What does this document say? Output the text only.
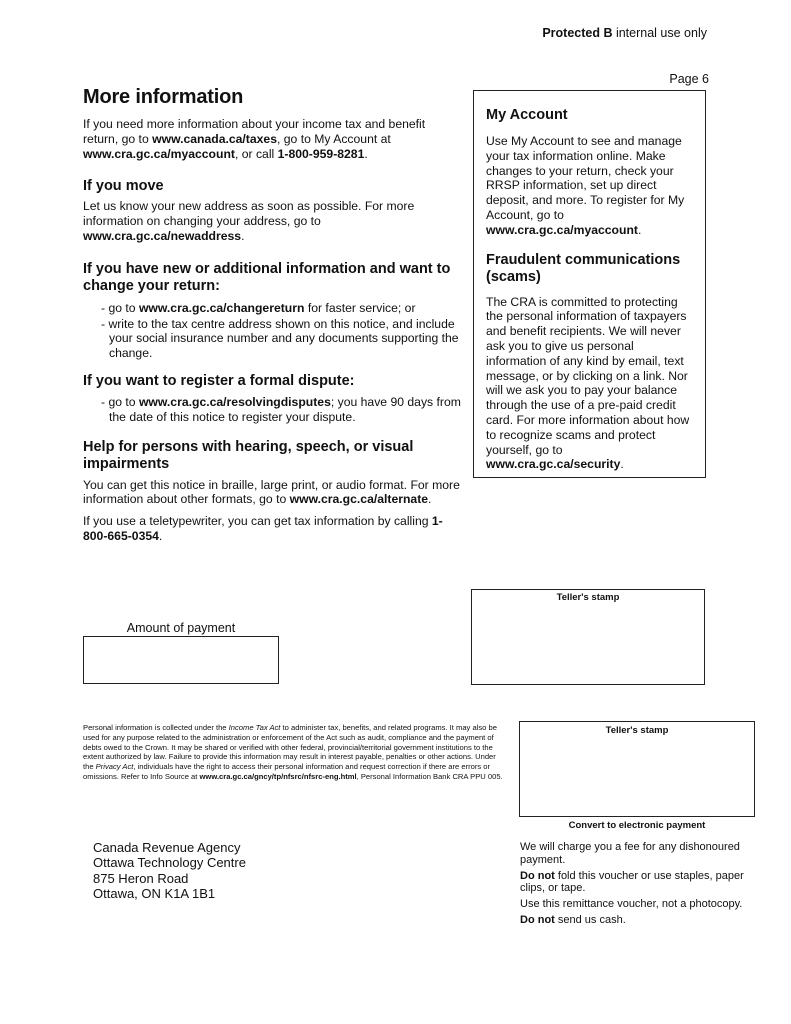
Protected B internal use only
Page 6
More information

If you need more information about your income tax and benefit return, go to www.canada.ca/taxes, go to My Account at www.cra.gc.ca/myaccount, or call 1-800-959-8281.

If you move

Let us know your new address as soon as possible. For more information on changing your address, go to www.cra.gc.ca/newaddress.

If you have new or additional information and want to change your return:

- go to www.cra.gc.ca/changereturn for faster service; or

- write to the tax centre address shown on this notice, and include your social insurance number and any documents supporting the change.

If you want to register a formal dispute:

- go to www.cra.gc.ca/resolvingdisputes; you have 90 days from the date of this notice to register your dispute.

Help for persons with hearing, speech, or visual impairments

You can get this notice in braille, large print, or audio format. For more information about other formats, go to www.cra.gc.ca/alternate.

If you use a teletypewriter, you can get tax information by calling 1-800-665-0354.

My Account

Use My Account to see and manage your tax information online. Make changes to your return, check your RRSP information, set up direct deposit, and more. To register for My Account, go to www.cra.gc.ca/myaccount.

Fraudulent communications (scams)

The CRA is committed to protecting the personal information of taxpayers and benefit recipients. We will never ask you to give us personal information of any kind by email, text message, or by clicking on a link. Nor will we ask you to pay your balance through the use of a pre-paid credit card. For more information about how to recognize scams and protect yourself, go to www.cra.gc.ca/security.

Teller's stamp
Amount of payment
Personal information is collected under the Income Tax Act to administer tax, benefits, and related programs. It may also be used for any purpose related to the administration or enforcement of the Act such as audit, compliance and the payment of debts owed to the Crown. It may be shared or verified with other federal, provincial/territorial government institutions to the extent authorized by law. Failure to provide this information may result in interest payable, penalties or other actions. Under the Privacy Act, individuals have the right to access their personal information and request correction if there are errors or omissions. Refer to Info Source at www.cra.gc.ca/gncy/tp/nfsrc/nfsrc-eng.html, Personal Information Bank CRA PPU 005.
Teller's stamp
Convert to electronic payment
Canada Revenue Agency
Ottawa Technology Centre
875 Heron Road
Ottawa, ON K1A 1B1
We will charge you a fee for any dishonoured payment.
Do not fold this voucher or use staples, paper clips, or tape.
Use this remittance voucher, not a photocopy.
Do not send us cash.
